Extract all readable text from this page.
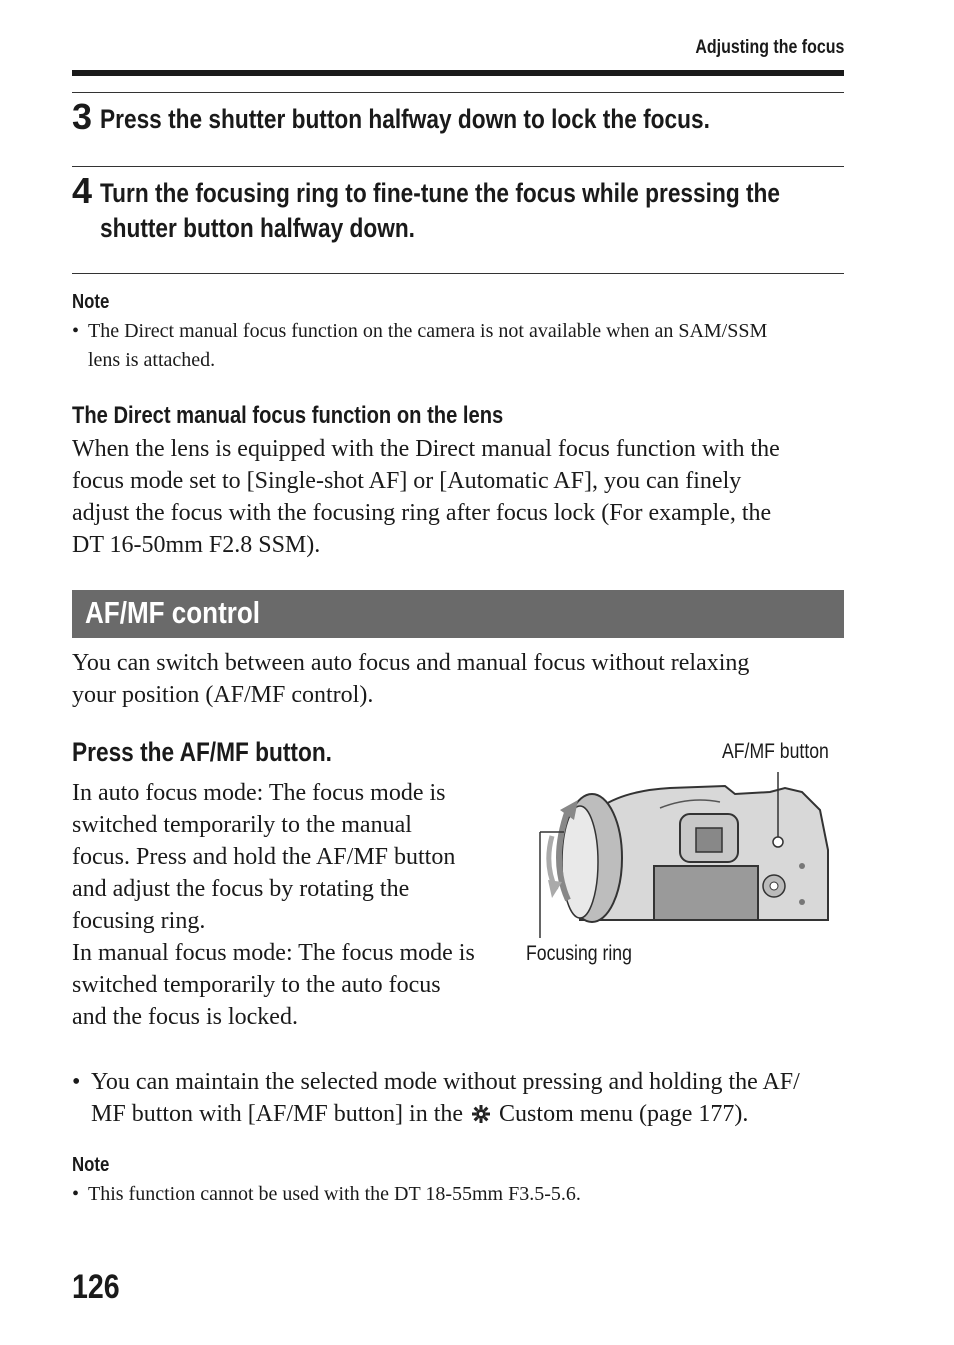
Adjusting the focus
3 Press the shutter button halfway down to lock the focus.
4 Turn the focusing ring to fine-tune the focus while pressing the
shutter button halfway down.
Note
• The Direct manual focus function on the camera is not available when an SAM/SSM
lens is attached.
The Direct manual focus function on the lens
When the lens is equipped with the Direct manual focus function with the
focus mode set to [Single-shot AF] or [Automatic AF], you can finely
adjust the focus with the focusing ring after focus lock (For example, the
DT 16-50mm F2.8 SSM).
AF/MF control
You can switch between auto focus and manual focus without relaxing
your position (AF/MF control).
Press the AF/MF button.
In auto focus mode: The focus mode is
switched temporarily to the manual
focus. Press and hold the AF/MF button
and adjust the focus by rotating the
focusing ring.
In manual focus mode: The focus mode is
switched temporarily to the auto focus
and the focus is locked.
AF/MF button
Focusing ring
• You can maintain the selected mode without pressing and holding the AF/
MF button with [AF/MF button] in the Custom menu (page 177).
Note
• This function cannot be used with the DT 18-55mm F3.5-5.6.
126
